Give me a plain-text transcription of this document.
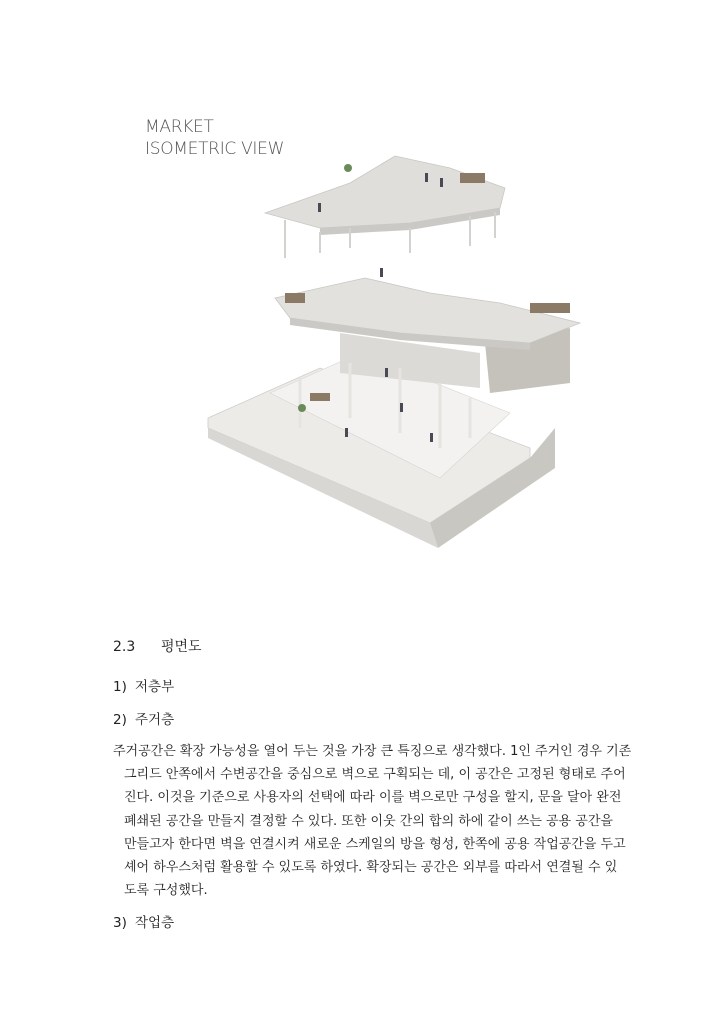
MARKET
ISOMETRIC VIEW
2.3 평면도
1) 저층부
2) 주거층
주거공간은 확장 가능성을 열어 두는 것을 가장 큰 특징으로 생각했다. 1인 주거인 경우 기존
그리드 안쪽에서 수변공간을 중심으로 벽으로 구획되는 데, 이 공간은 고정된 형태로 주어
진다. 이것을 기준으로 사용자의 선택에 따라 이를 벽으로만 구성을 할지, 문을 달아 완전
폐쇄된 공간을 만들지 결정할 수 있다. 또한 이웃 간의 합의 하에 같이 쓰는 공용 공간을
만들고자 한다면 벽을 연결시켜 새로운 스케일의 방을 형성, 한쪽에 공용 작업공간을 두고
셰어 하우스처럼 활용할 수 있도록 하였다. 확장되는 공간은 외부를 따라서 연결될 수 있
도록 구성했다.
3) 작업층
